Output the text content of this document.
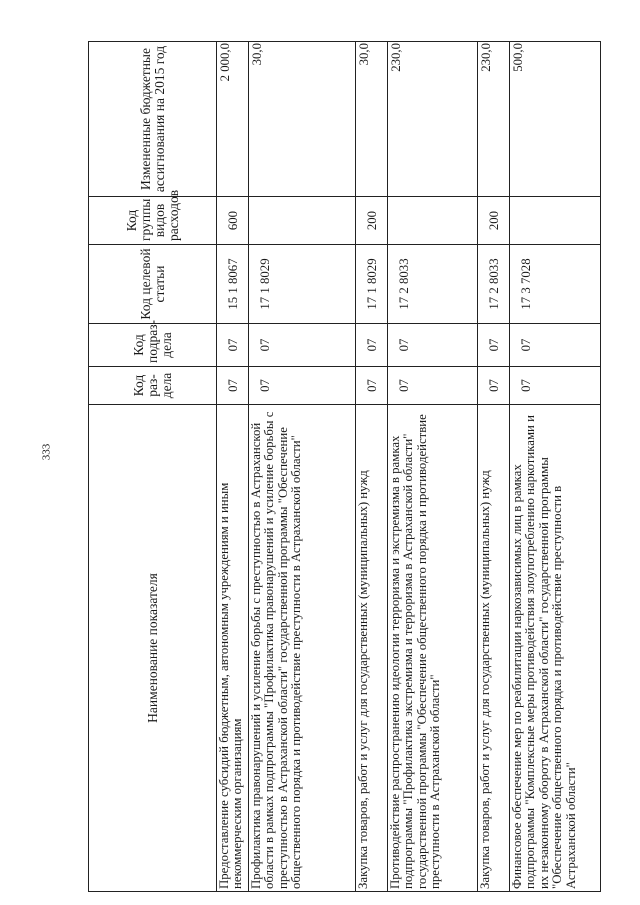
333
Наименование показателя	Код раз-дела	Код подраз-дела	Код целевой статьи	Код группы видов расходов	Измененные бюджетные ассигнования на 2015 год
Предоставление субсидий бюджетным, автономным учреждениям и иным некоммерческим организациям	07	07	15 1 8067	600	2 000,0
Профилактика правонарушений и усиление борьбы с преступностью в Астраханской области в рамках подпрограммы "Профилактика правонарушений и усиление борьбы с преступностью в Астраханской области" государственной программы "Обеспечение общественного порядка и противодействие преступности в Астраханской области"	07	07	17 1 8029		30,0
Закупка товаров, работ и услуг для государственных (муниципальных) нужд	07	07	17 1 8029	200	30,0
Противодействие распространению идеологии терроризма и экстремизма в рамках подпрограммы "Профилактика экстремизма и терроризма в Астраханской области" государственной программы "Обеспечение общественного порядка и противодействие преступности в Астраханской области"	07	07	17 2 8033		230,0
Закупка товаров, работ и услуг для государственных (муниципальных) нужд	07	07	17 2 8033	200	230,0
Финансовое обеспечение мер по реабилитации наркозависимых лиц в рамках подпрограммы "Комплексные меры противодействия злоупотреблению наркотиками и их незаконному обороту в Астраханской области" государственной программы "Обеспечение общественного порядка и противодействие преступности в Астраханской области"	07	07	17 3 7028		500,0
